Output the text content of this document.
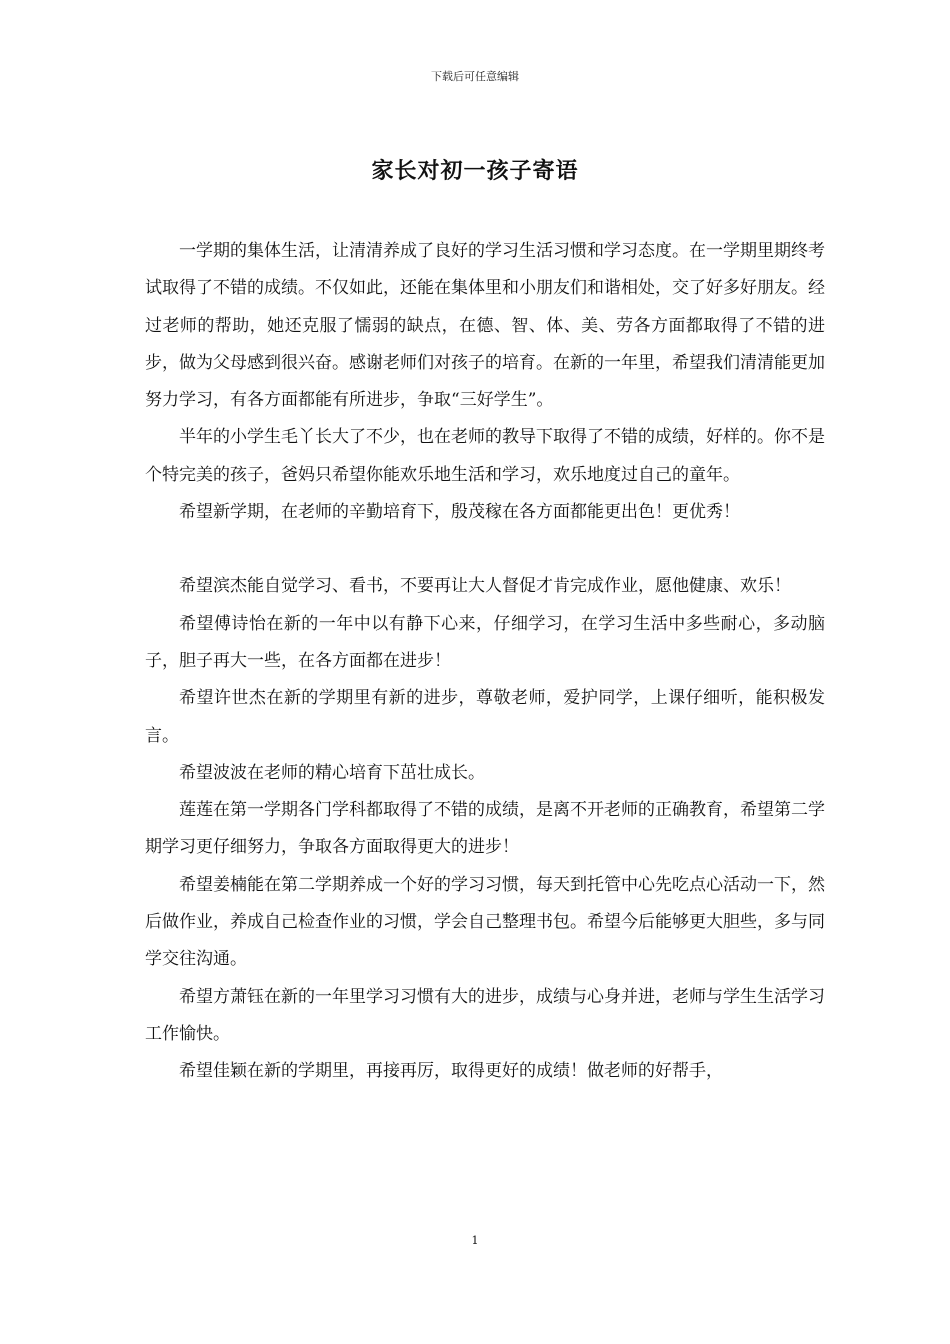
下载后可任意编辑
家长对初一孩子寄语

一学期的集体生活，让清清养成了良好的学习生活习惯和学习态度。在一学期里期终考试取得了不错的成绩。不仅如此，还能在集体里和小朋友们和谐相处，交了好多好朋友。经过老师的帮助，她还克服了懦弱的缺点，在德、智、体、美、劳各方面都取得了不错的进步，做为父母感到很兴奋。感谢老师们对孩子的培育。在新的一年里，希望我们清清能更加努力学习，有各方面都能有所进步，争取“三好学生”。

半年的小学生毛丫长大了不少，也在老师的教导下取得了不错的成绩，好样的。你不是个特完美的孩子，爸妈只希望你能欢乐地生活和学习，欢乐地度过自己的童年。

希望新学期，在老师的辛勤培育下，殷茂稼在各方面都能更出色！更优秀！

希望滨杰能自觉学习、看书，不要再让大人督促才肯完成作业，愿他健康、欢乐！

希望傅诗怡在新的一年中以有静下心来，仔细学习，在学习生活中多些耐心，多动脑子，胆子再大一些，在各方面都在进步！

希望许世杰在新的学期里有新的进步，尊敬老师，爱护同学，上课仔细听，能积极发言。

希望波波在老师的精心培育下茁壮成长。

莲莲在第一学期各门学科都取得了不错的成绩，是离不开老师的正确教育，希望第二学期学习更仔细努力，争取各方面取得更大的进步！

希望姜楠能在第二学期养成一个好的学习习惯，每天到托管中心先吃点心活动一下，然后做作业，养成自己检查作业的习惯，学会自己整理书包。希望今后能够更大胆些，多与同学交往沟通。

希望方萧钰在新的一年里学习习惯有大的进步，成绩与心身并进，老师与学生生活学习工作愉快。

希望佳颖在新的学期里，再接再厉，取得更好的成绩！做老师的好帮手，

1
